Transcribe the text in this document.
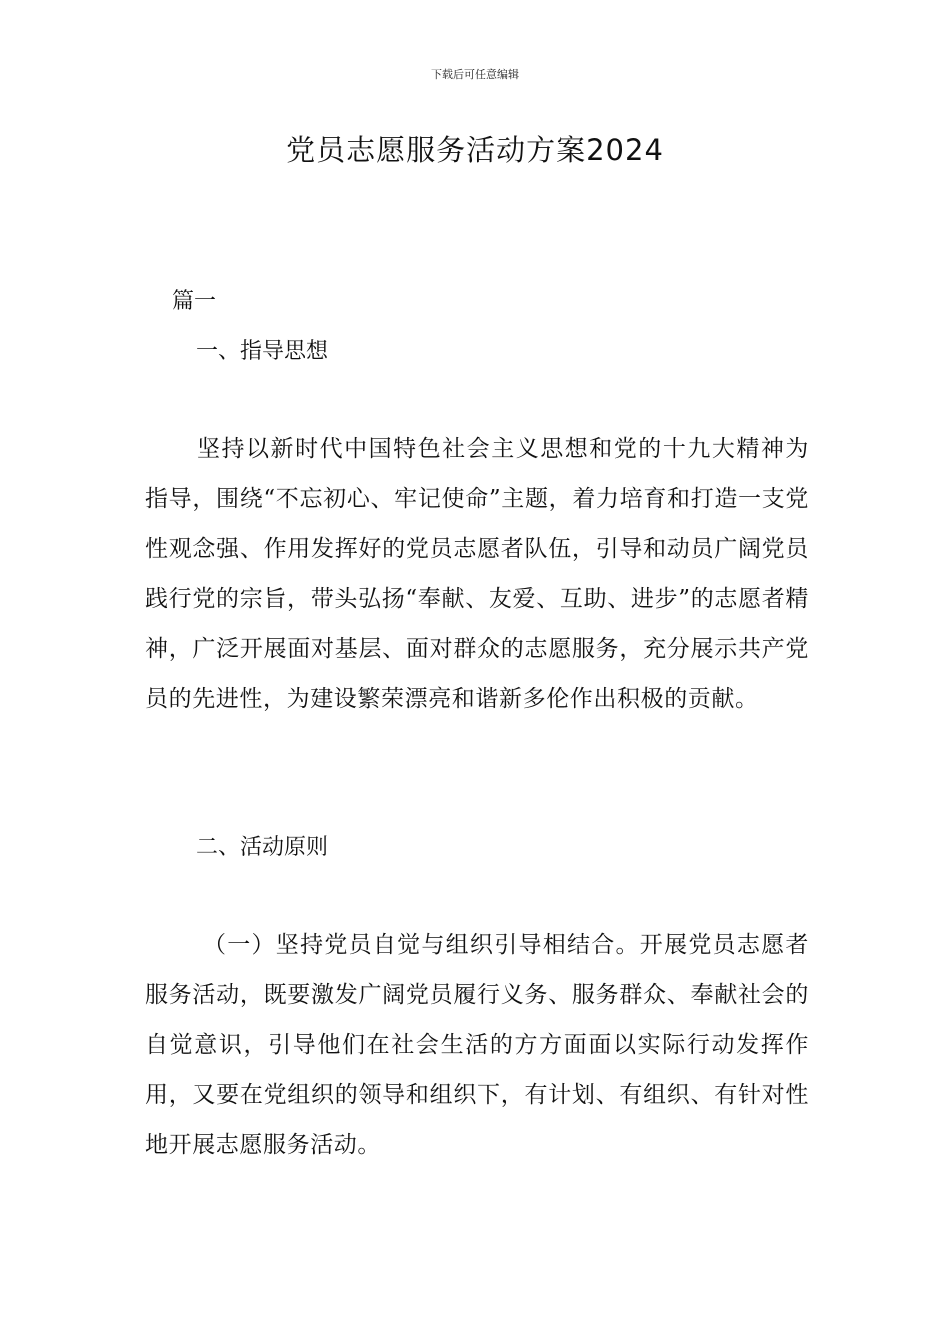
下载后可任意编辑
党员志愿服务活动方案2024
篇一
一、指导思想

坚持以新时代中国特色社会主义思想和党的十九大精神为指导，围绕“不忘初心、牢记使命”主题，着力培育和打造一支党性观念强、作用发挥好的党员志愿者队伍，引导和动员广阔党员践行党的宗旨，带头弘扬“奉献、友爱、互助、进步”的志愿者精神，广泛开展面对基层、面对群众的志愿服务，充分展示共产党员的先进性，为建设繁荣漂亮和谐新多伦作出积极的贡献。

二、活动原则

（一）坚持党员自觉与组织引导相结合。开展党员志愿者服务活动，既要激发广阔党员履行义务、服务群众、奉献社会的自觉意识，引导他们在社会生活的方方面面以实际行动发挥作用，又要在党组织的领导和组织下，有计划、有组织、有针对性地开展志愿服务活动。
